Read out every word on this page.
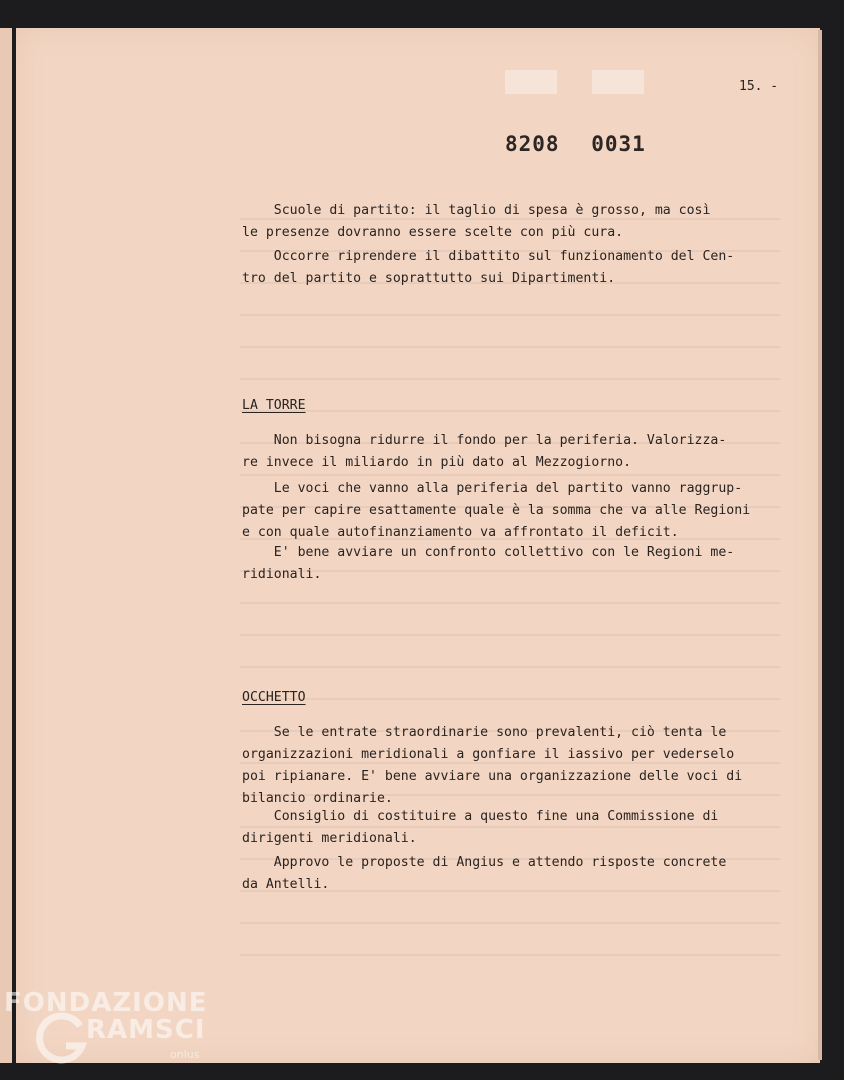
15. -
8208 0031
Scuole di partito: il taglio di spesa è grosso, ma così
le presenze dovranno essere scelte con più cura.
Occorre riprendere il dibattito sul funzionamento del Cen-
tro del partito e soprattutto sui Dipartimenti.
LA TORRE
Non bisogna ridurre il fondo per la periferia. Valorizza-
re invece il miliardo in più dato al Mezzogiorno.
Le voci che vanno alla periferia del partito vanno raggrup-
pate per capire esattamente quale è la somma che va alle Regioni
e con quale autofinanziamento va affrontato il deficit.
E' bene avviare un confronto collettivo con le Regioni me-
ridionali.
OCCHETTO
Se le entrate straordinarie sono prevalenti, ciò tenta le
organizzazioni meridionali a gonfiare il iassivo per vederselo
poi ripianare. E' bene avviare una organizzazione delle voci di
bilancio ordinarie.
Consiglio di costituire a questo fine una Commissione di
dirigenti meridionali.
Approvo le proposte di Angius e attendo risposte concrete
da Antelli.
FONDAZIONE
RAMSCI
onlus
